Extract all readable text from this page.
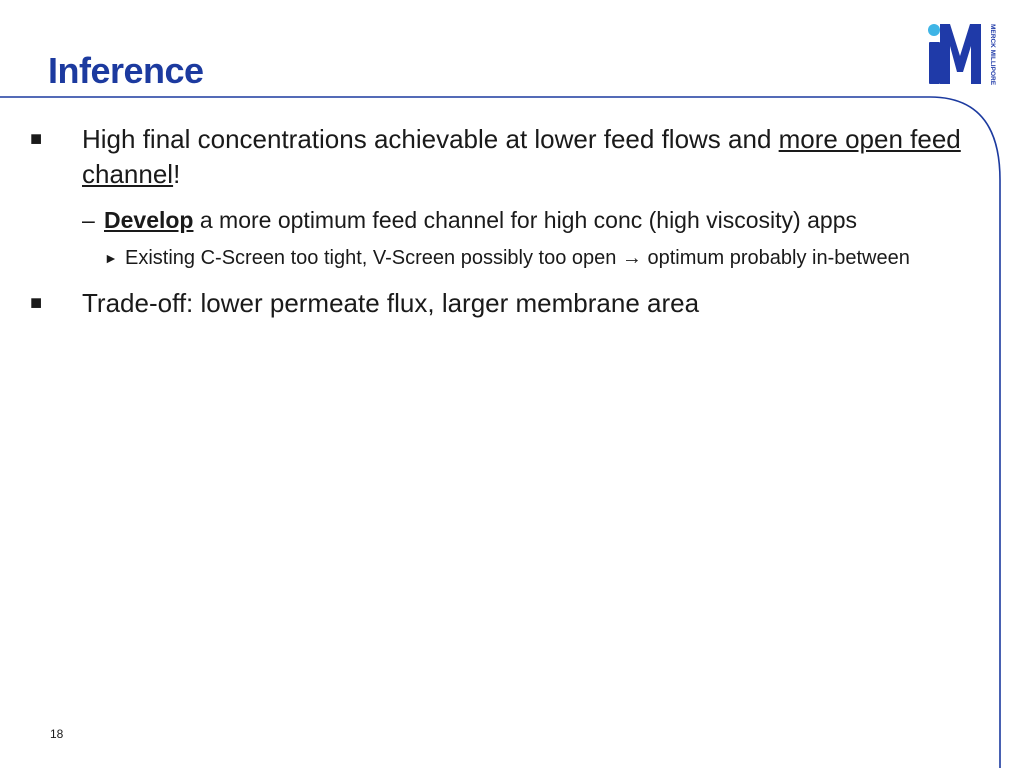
Inference	MERCK MILLIPORE
■ High final concentrations achievable at lower feed flows and more open feed channel!
– Develop a more optimum feed channel for high conc (high viscosity) apps
► Existing C-Screen too tight, V-Screen possibly too open → optimum probably in-between
■ Trade-off: lower permeate flux, larger membrane area
18
